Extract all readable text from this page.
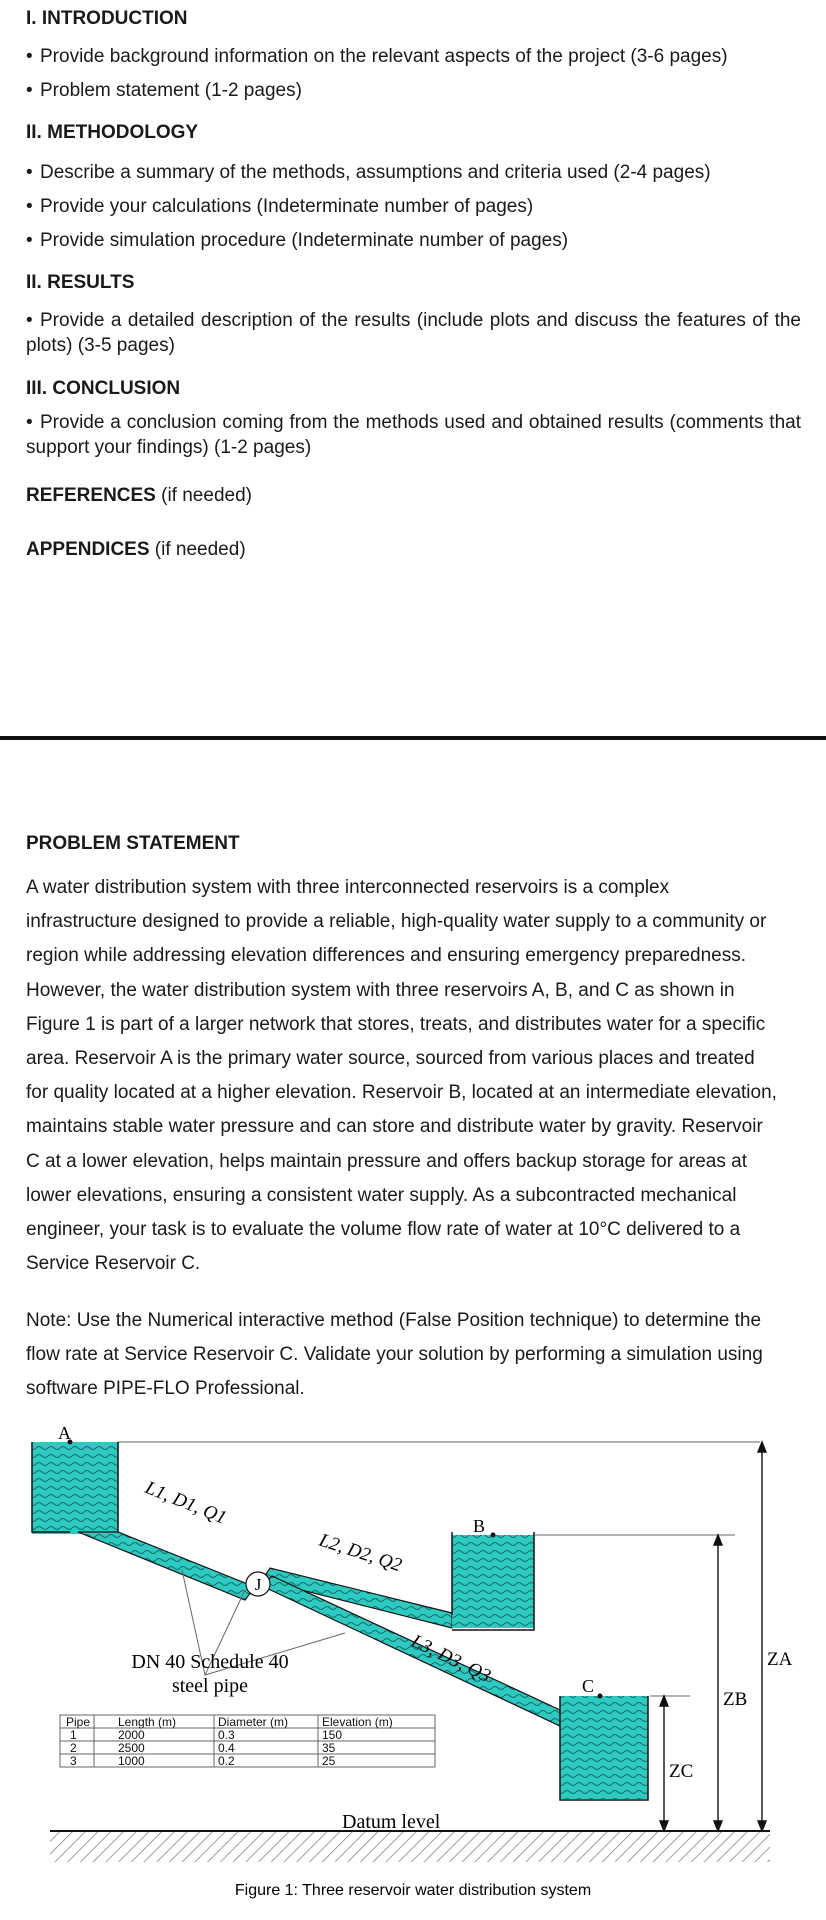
I. INTRODUCTION
• Provide background information on the relevant aspects of the project (3-6 pages)
• Problem statement (1-2 pages)
II. METHODOLOGY
• Describe a summary of the methods, assumptions and criteria used (2-4 pages)
• Provide your calculations (Indeterminate number of pages)
• Provide simulation procedure (Indeterminate number of pages)
II. RESULTS
• Provide a detailed description of the results (include plots and discuss the features of the plots) (3-5 pages)
III. CONCLUSION
• Provide a conclusion coming from the methods used and obtained results (comments that support your findings) (1-2 pages)
REFERENCES (if needed)
APPENDICES (if needed)
PROBLEM STATEMENT
A water distribution system with three interconnected reservoirs is a complex
infrastructure designed to provide a reliable, high-quality water supply to a community or
region while addressing elevation differences and ensuring emergency preparedness.
However, the water distribution system with three reservoirs A, B, and C as shown in
Figure 1 is part of a larger network that stores, treats, and distributes water for a specific
area. Reservoir A is the primary water source, sourced from various places and treated
for quality located at a higher elevation. Reservoir B, located at an intermediate elevation,
maintains stable water pressure and can store and distribute water by gravity. Reservoir
C at a lower elevation, helps maintain pressure and offers backup storage for areas at
lower elevations, ensuring a consistent water supply. As a subcontracted mechanical
engineer, your task is to evaluate the volume flow rate of water at 10°C delivered to a
Service Reservoir C.
Note: Use the Numerical interactive method (False Position technique) to determine the
flow rate at Service Reservoir C. Validate your solution by performing a simulation using
software PIPE-FLO Professional.
J
L1, D1, Q1
L2, D2, Q2
L3, D3, Q3
DN 40 Schedule 40
steel pipe
A
B
C
ZA
ZB
ZC
Datum level
Pipe Length (m)	Diameter (m)	Elevation (m)
1	2000	0.3	150
2	2500	0.4	35
3	1000	0.2	25
Figure 1: Three reservoir water distribution system
